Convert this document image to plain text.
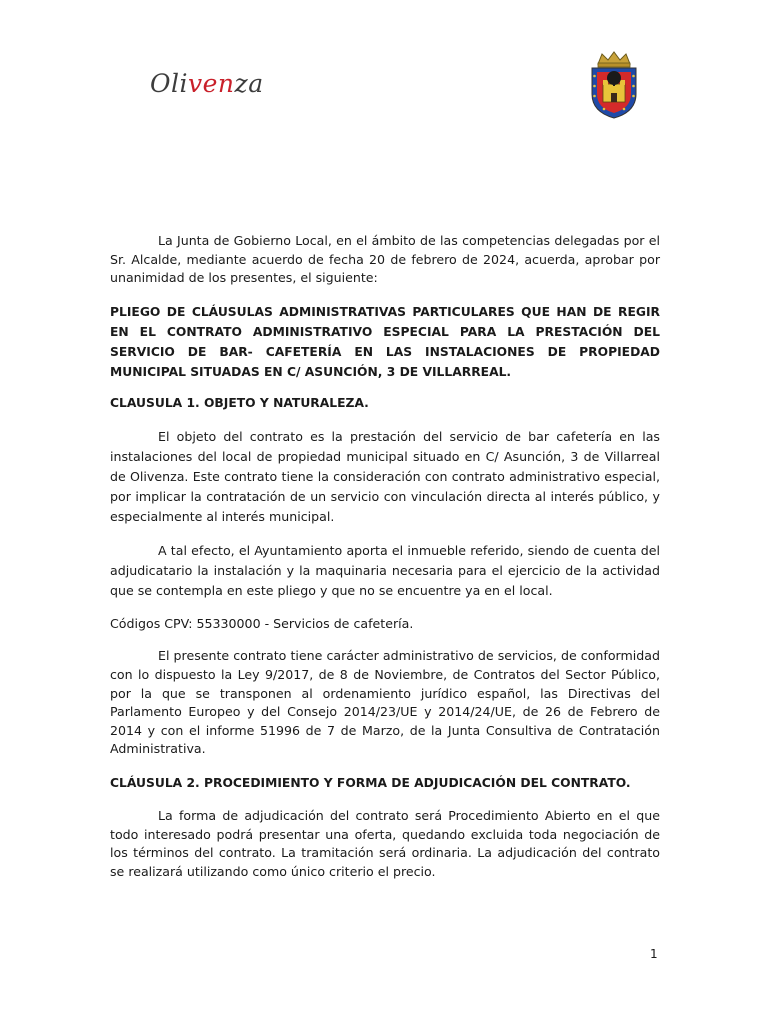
Olivenza

La Junta de Gobierno Local, en el ámbito de las competencias delegadas por el Sr. Alcalde, mediante acuerdo de fecha 20 de febrero de 2024, acuerda, aprobar por unanimidad de los presentes, el siguiente:

PLIEGO DE CLÁUSULAS ADMINISTRATIVAS PARTICULARES QUE HAN DE REGIR EN EL CONTRATO ADMINISTRATIVO ESPECIAL PARA LA PRESTACIÓN DEL SERVICIO DE BAR- CAFETERÍA EN LAS INSTALACIONES DE PROPIEDAD MUNICIPAL SITUADAS EN C/ ASUNCIÓN, 3 DE VILLARREAL.

CLAUSULA 1. OBJETO Y NATURALEZA.

El objeto del contrato es la prestación del servicio de bar cafetería en las instalaciones del local de propiedad municipal situado en C/ Asunción, 3 de Villarreal de Olivenza. Este contrato tiene la consideración con contrato administrativo especial, por implicar la contratación de un servicio con vinculación directa al interés público, y especialmente al interés municipal.

A tal efecto, el Ayuntamiento aporta el inmueble referido, siendo de cuenta del adjudicatario la instalación y la maquinaria necesaria para el ejercicio de la actividad que se contempla en este pliego y que no se encuentre ya en el local.

Códigos CPV: 55330000 - Servicios de cafetería.

El presente contrato tiene carácter administrativo de servicios, de conformidad con lo dispuesto la Ley 9/2017, de 8 de Noviembre, de Contratos del Sector Público, por la que se transponen al ordenamiento jurídico español, las Directivas del Parlamento Europeo y del Consejo 2014/23/UE y 2014/24/UE, de 26 de Febrero de 2014 y con el informe 51996 de 7 de Marzo, de la Junta Consultiva de Contratación Administrativa.

CLÁUSULA 2. PROCEDIMIENTO Y FORMA DE ADJUDICACIÓN DEL CONTRATO.

La forma de adjudicación del contrato será Procedimiento Abierto en el que todo interesado podrá presentar una oferta, quedando excluida toda negociación de los términos del contrato. La tramitación será ordinaria. La adjudicación del contrato se realizará utilizando como único criterio el precio.

1
